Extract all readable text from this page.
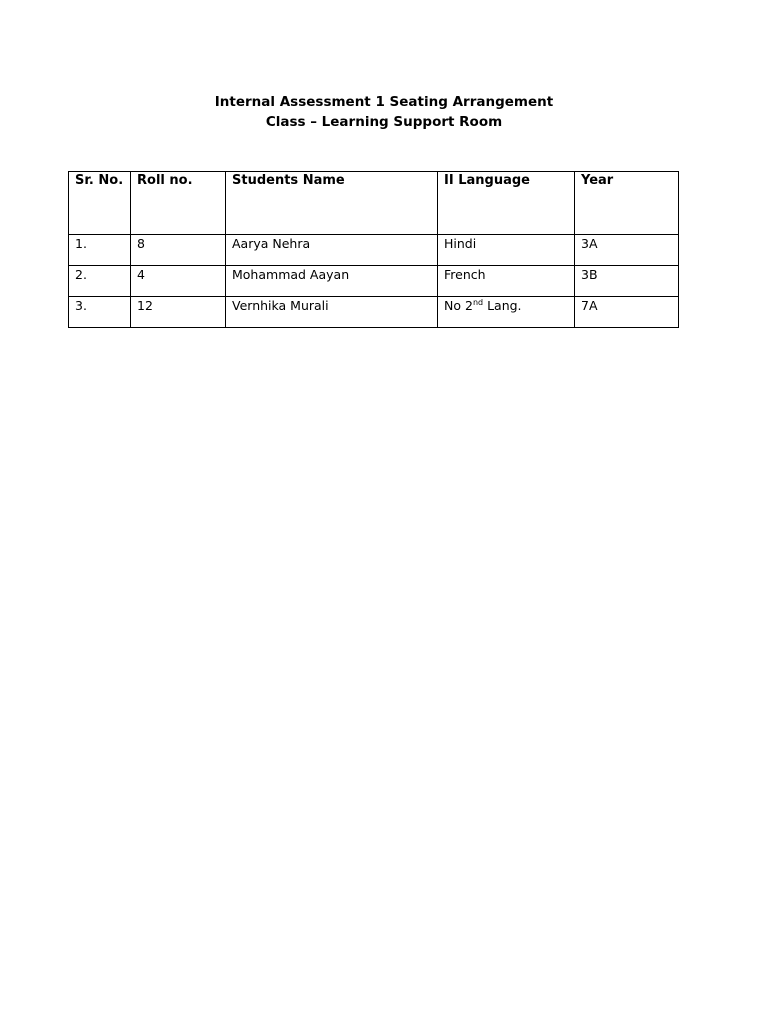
Internal Assessment 1 Seating Arrangement
Class – Learning Support Room
Sr. No.	Roll no.	Students Name	II Language	Year
1.	8	Aarya Nehra	Hindi	3A
2.	4	Mohammad Aayan	French	3B
3.	12	Vernhika Murali	No 2nd Lang.	7A
